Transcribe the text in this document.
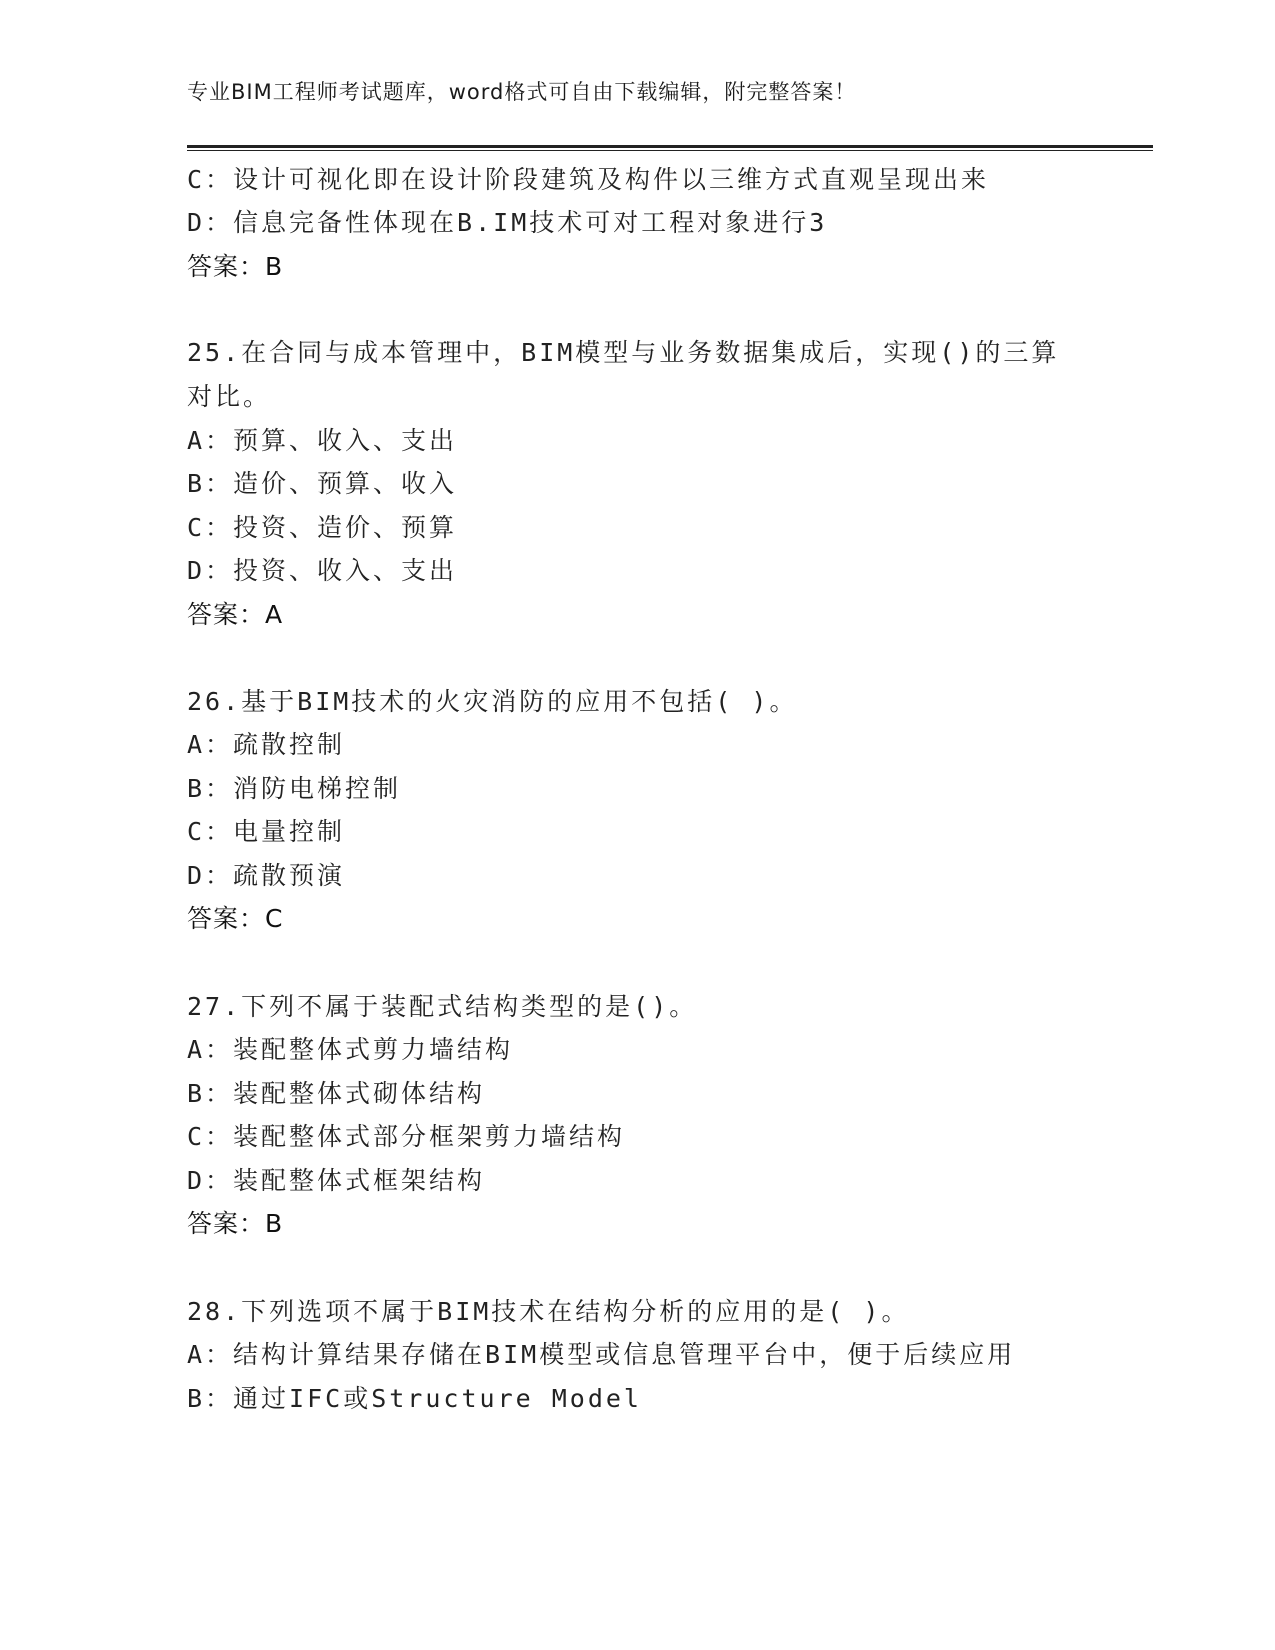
专业BIM工程师考试题库，word格式可自由下载编辑，附完整答案！
C：设计可视化即在设计阶段建筑及构件以三维方式直观呈现出来
D：信息完备性体现在B.IM技术可对工程对象进行3
答案：B
25.在合同与成本管理中，BIM模型与业务数据集成后，实现()的三算
对比。
A：预算、收入、支出
B：造价、预算、收入
C：投资、造价、预算
D：投资、收入、支出
答案：A
26.基于BIM技术的火灾消防的应用不包括( )。
A：疏散控制
B：消防电梯控制
C：电量控制
D：疏散预演
答案：C
27.下列不属于装配式结构类型的是()。
A：装配整体式剪力墙结构
B：装配整体式砌体结构
C：装配整体式部分框架剪力墙结构
D：装配整体式框架结构
答案：B
28.下列选项不属于BIM技术在结构分析的应用的是( )。
A：结构计算结果存储在BIM模型或信息管理平台中，便于后续应用
B：通过IFC或Structure Model
